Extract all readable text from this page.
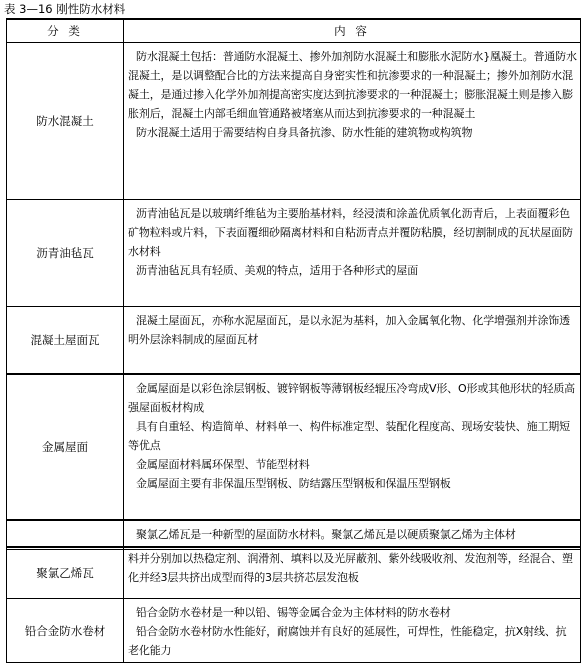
表 3—16 刚性防水材料
分 类	内 容
防水混凝土

防水混凝土包括：普通防水混凝土、掺外加剂防水混凝土和膨胀水泥防水}凰凝土。普通防水混凝土，是以调整配合比的方法来提高自身密实性和抗渗要求的一种混凝土；掺外加剂防水混凝土，是通过掺入化学外加剂提高密实度达到抗渗要求的一种混凝土；膨胀混凝土则是掺入膨胀剂后，混凝土内部毛细血管通路被堵塞从而达到抗渗要求的一种混凝土

防水混凝土适用于需要结构自身具备抗渗、防水性能的建筑物或构筑物

沥青油毡瓦

沥青油毡瓦是以玻璃纤维毡为主要胎基材料，经浸渍和涂盖优质氧化沥青后，上表面覆彩色矿物粒料或片料，下表面覆细砂隔离材料和自粘沥青点并覆防粘膜，经切割制成的瓦状屋面防水材料

沥青油毡瓦具有轻质、美观的特点，适用于各种形式的屋面

混凝土屋面瓦

混凝土屋面瓦，亦称水泥屋面瓦，是以永泥为基料，加入金属氧化物、化学增强剂并涂饰透明外层涂料制成的屋面瓦材

金属屋面

金属屋面是以彩色涂层钢板、镀锌钢板等薄钢板经辊压冷弯成V形、O形或其他形状的轻质高强屋面板材构成

具有自重轻、构造简单、材料单一、构件标准定型、装配化程度高、现场安装快、施工期短等优点

金属屋面材料属环保型、节能型材料

金属屋面主要有非保温压型钢板、防结露压型钢板和保温压型钢板

聚氯乙烯瓦是一种新型的屋面防水材料。聚氯乙烯瓦是以硬质聚氯乙烯为主体材

聚氯乙烯瓦

料并分别加以热稳定剂、润滑剂、填料以及光屏蔽剂、紫外线吸收剂、发泡剂等，经混合、塑化并经3层共挤出成型而得的3层共挤芯层发泡板

铅合金防水卷材

铅合金防水卷材是一种以铅、锡等金属合金为主体材料的防水卷材

铅合金防水卷材防水性能好，耐腐蚀并有良好的延展性，可焊性，性能稳定，抗X射线、抗老化能力
